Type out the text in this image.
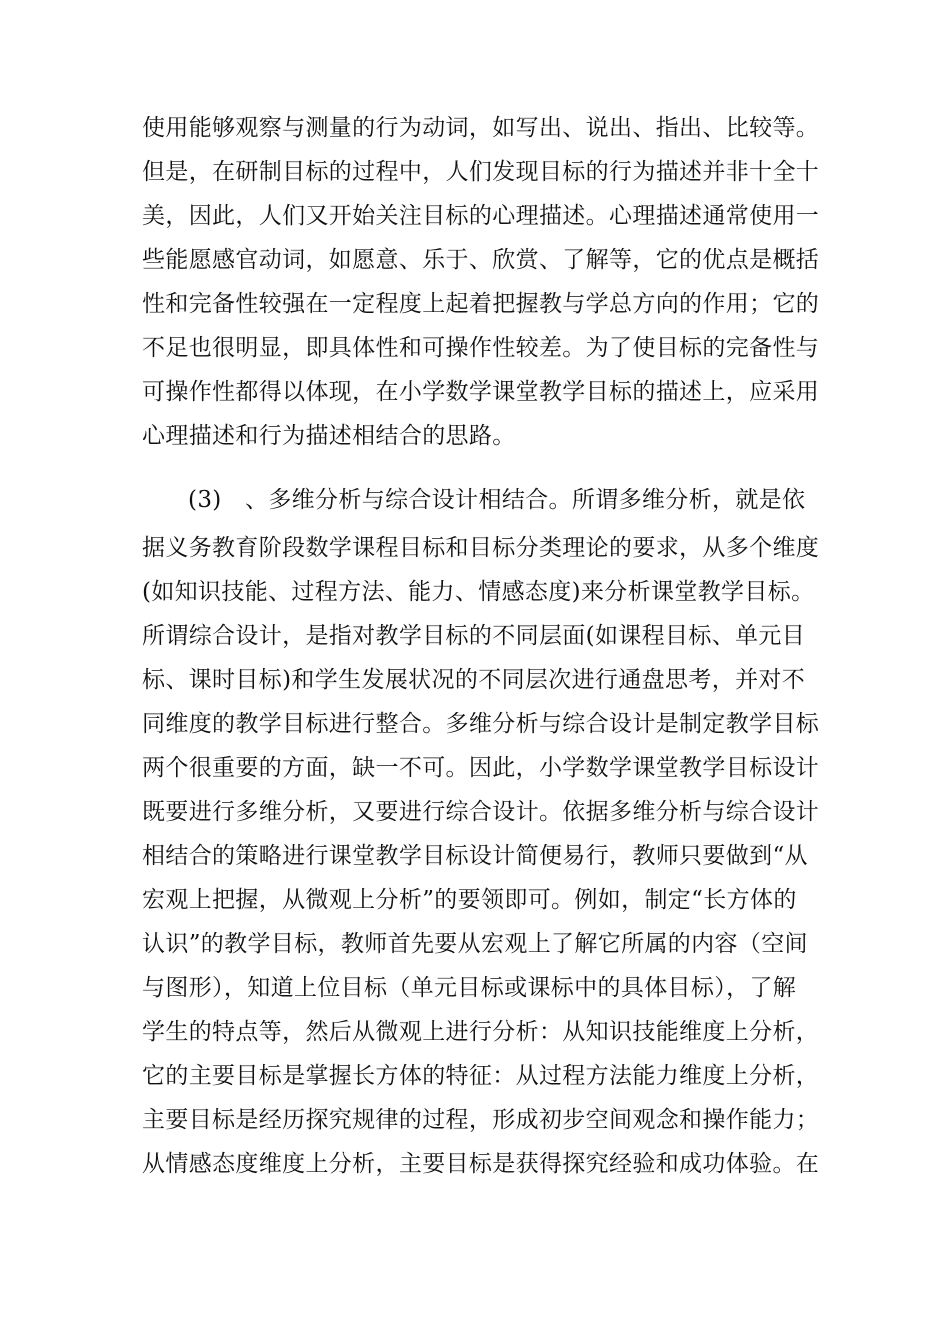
使用能够观察与测量的行为动词，如写出、说出、指出、比较等。
但是，在研制目标的过程中，人们发现目标的行为描述并非十全十
美，因此，人们又开始关注目标的心理描述。心理描述通常使用一
些能愿感官动词，如愿意、乐于、欣赏、了解等，它的优点是概括
性和完备性较强在一定程度上起着把握教与学总方向的作用；它的
不足也很明显，即具体性和可操作性较差。为了使目标的完备性与
可操作性都得以体现，在小学数学课堂教学目标的描述上，应采用
心理描述和行为描述相结合的思路。
(3)　、多维分析与综合设计相结合。所谓多维分析，就是依
据义务教育阶段数学课程目标和目标分类理论的要求，从多个维度
(如知识技能、过程方法、能力、情感态度)来分析课堂教学目标。
所谓综合设计，是指对教学目标的不同层面(如课程目标、单元目
标、课时目标)和学生发展状况的不同层次进行通盘思考，并对不
同维度的教学目标进行整合。多维分析与综合设计是制定教学目标
两个很重要的方面，缺一不可。因此，小学数学课堂教学目标设计
既要进行多维分析，又要进行综合设计。依据多维分析与综合设计
相结合的策略进行课堂教学目标设计简便易行，教师只要做到“从
宏观上把握，从微观上分析”的要领即可。例如，制定“长方体的
认识”的教学目标，教师首先要从宏观上了解它所属的内容（空间
与图形），知道上位目标（单元目标或课标中的具体目标），了解
学生的特点等，然后从微观上进行分析：从知识技能维度上分析，
它的主要目标是掌握长方体的特征：从过程方法能力维度上分析，
主要目标是经历探究规律的过程，形成初步空间观念和操作能力；
从情感态度维度上分析，主要目标是获得探究经验和成功体验。在
